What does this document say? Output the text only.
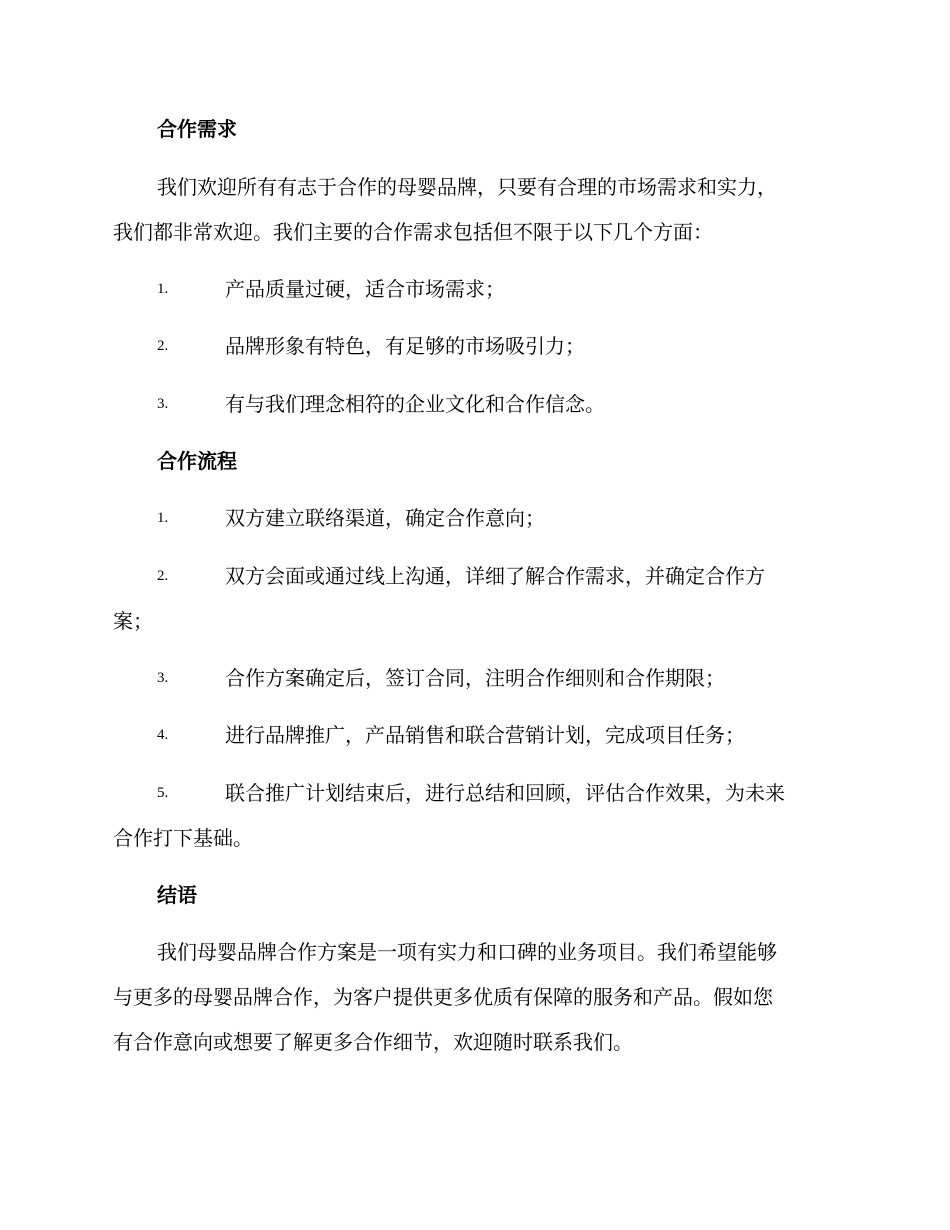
合作需求
我们欢迎所有有志于合作的母婴品牌，只要有合理的市场需求和实力，
我们都非常欢迎。我们主要的合作需求包括但不限于以下几个方面：
1.	产品质量过硬，适合市场需求；
2.	品牌形象有特色，有足够的市场吸引力；
3.	有与我们理念相符的企业文化和合作信念。
合作流程
1.	双方建立联络渠道，确定合作意向；
2.	双方会面或通过线上沟通，详细了解合作需求，并确定合作方
案；
3.	合作方案确定后，签订合同，注明合作细则和合作期限；
4.	进行品牌推广，产品销售和联合营销计划，完成项目任务；
5.	联合推广计划结束后，进行总结和回顾，评估合作效果，为未来
合作打下基础。
结语
我们母婴品牌合作方案是一项有实力和口碑的业务项目。我们希望能够
与更多的母婴品牌合作，为客户提供更多优质有保障的服务和产品。假如您
有合作意向或想要了解更多合作细节，欢迎随时联系我们。
